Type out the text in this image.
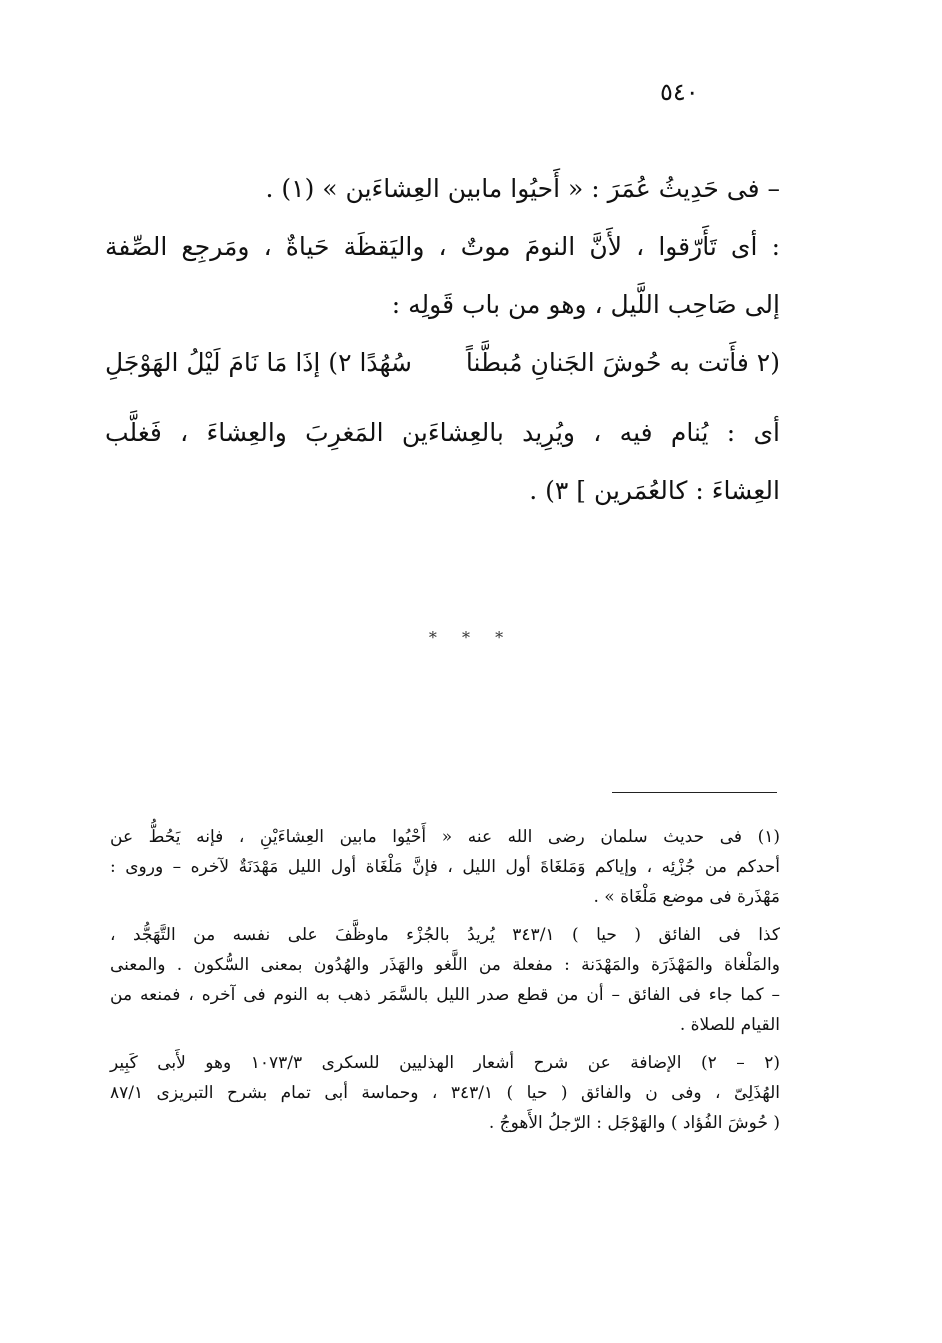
٥٤٠
– فى حَدِيثُ عُمَرَ : « أَحيُوا مابين العِشاءَين » (١) .
: أى تَأَرّقوا ، لأَنَّ النومَ موتٌ ، واليَقظَة حَياةٌ ، ومَرجِع الصِّفة
إلى صَاحِب اللَّيل ، وهو من باب قَولِه :
(٢ فأَتت به حُوشَ الجَنانِ مُبطَّناً
سُهُدًا ٢) إذَا مَا نَامَ لَيْلُ الهَوْجَلِ
أى : يُنام فيه ، ويُرِيد بالعِشاءَين المَغرِبَ والعِشاءَ ، فَغلَّب
العِشاءَ : كالعُمَرين ] ٣) .
* * *
(١) فى حديث سلمان رضى الله عنه « أَحْيُوا مابين العِشاءَيْنِ ، فإنه يَحُطُّ عن
أحدكم من جُزْئِه ، وإياكم وَمَلغَاةَ أول الليل ، فإنَّ مَلْغَاة أول الليل مَهْدَنَةٌ لآخره – وروى :
مَهْذَرة فى موضع مَلْغَاة » .
كذا فى الفائق ( حيا ) ٣٤٣/١ يُريدُ بالجُزْء ماوظَّفَ على نفسه من التَّهَجُّد ،
والمَلْغاة والمَهْذَرَة والمَهْدَنة : مفعلة من اللَّغو والهَذَر والهُدُون بمعنى السُّكون . والمعنى
– كما جاء فى الفائق – أن من قطع صدر الليل بالسَّمَر ذهب به النوم فى آخره ، فمنعه من
القيام للصلاة .
(٢ – ٢) الإضافة عن شرح أشعار الهذليين للسكرى ١٠٧٣/٣ وهو لأَبى كَبِير
الهُذَلِىّ ، وفى ن والفائق ( حيا ) ٣٤٣/١ ، وحماسة أبى تمام بشرح التبريزى ٨٧/١
( حُوشَ الفُؤاد ) والهَوْجَل : الرّجلُ الأَهوجُ .
